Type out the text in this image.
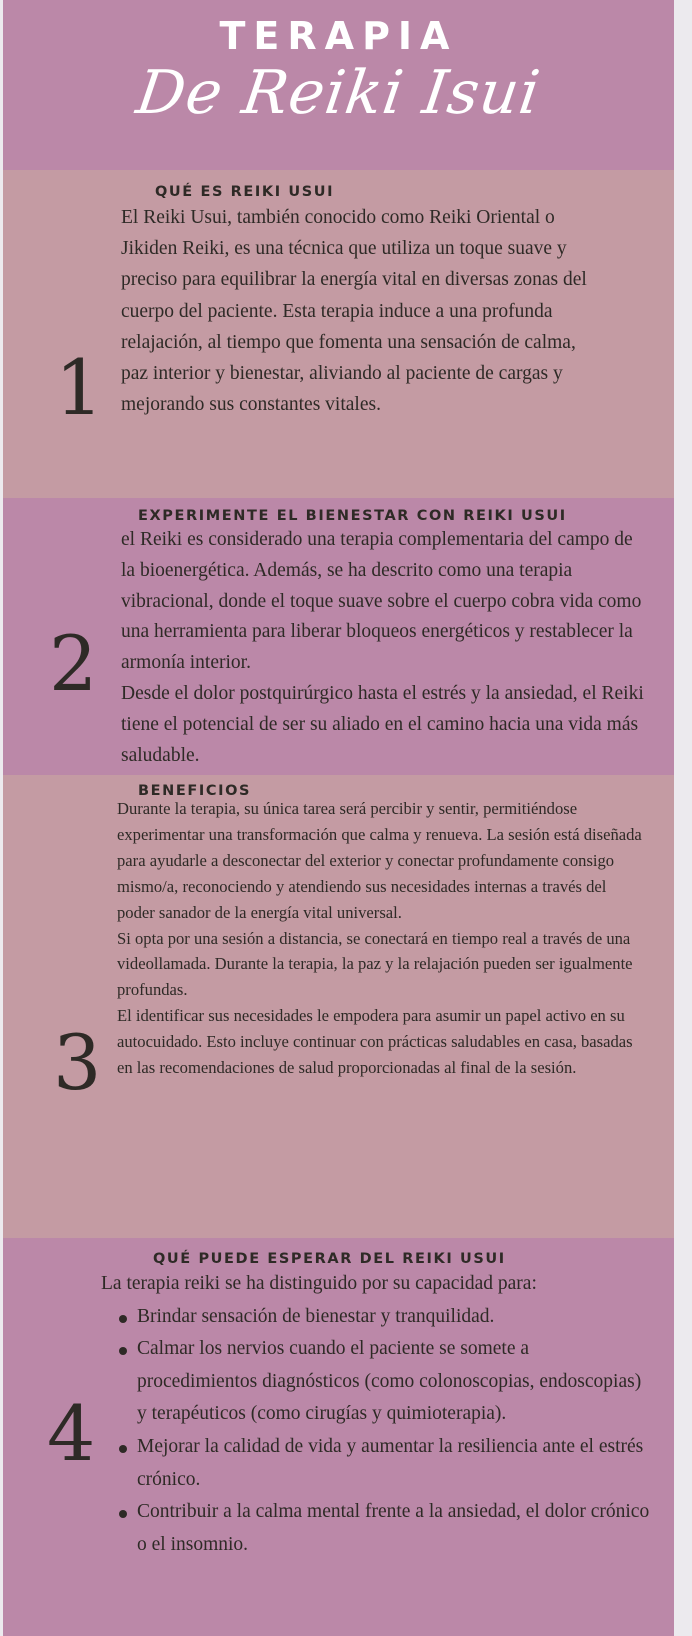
TERAPIA
De Reiki Isui
QUÉ ES REIKI USUI
1

El Reiki Usui, también conocido como Reiki Oriental o Jikiden Reiki, es una técnica que utiliza un toque suave y preciso para equilibrar la energía vital en diversas zonas del cuerpo del paciente. Esta terapia induce a una profunda relajación, al tiempo que fomenta una sensación de calma, paz interior y bienestar, aliviando al paciente de cargas y mejorando sus constantes vitales.

EXPERIMENTE EL BIENESTAR CON REIKI USUI
2

el Reiki es considerado una terapia complementaria del campo de la bioenergética. Además, se ha descrito como una terapia vibracional, donde el toque suave sobre el cuerpo cobra vida como una herramienta para liberar bloqueos energéticos y restablecer la armonía interior.

Desde el dolor postquirúrgico hasta el estrés y la ansiedad, el Reiki tiene el potencial de ser su aliado en el camino hacia una vida más saludable.

BENEFICIOS
3

Durante la terapia, su única tarea será percibir y sentir, permitiéndose experimentar una transformación que calma y renueva. La sesión está diseñada para ayudarle a desconectar del exterior y conectar profundamente consigo mismo/a, reconociendo y atendiendo sus necesidades internas a través del poder sanador de la energía vital universal.

Si opta por una sesión a distancia, se conectará en tiempo real a través de una videollamada. Durante la terapia, la paz y la relajación pueden ser igualmente profundas.

El identificar sus necesidades le empodera para asumir un papel activo en su autocuidado. Esto incluye continuar con prácticas saludables en casa, basadas en las recomendaciones de salud proporcionadas al final de la sesión.

QUÉ PUEDE ESPERAR DEL REIKI USUI
4

La terapia reiki se ha distinguido por su capacidad para:

Brindar sensación de bienestar y tranquilidad.
Calmar los nervios cuando el paciente se somete a procedimientos diagnósticos (como colonoscopias, endoscopias) y terapéuticos (como cirugías y quimioterapia).
Mejorar la calidad de vida y aumentar la resiliencia ante el estrés crónico.
Contribuir a la calma mental frente a la ansiedad, el dolor crónico o el insomnio.
